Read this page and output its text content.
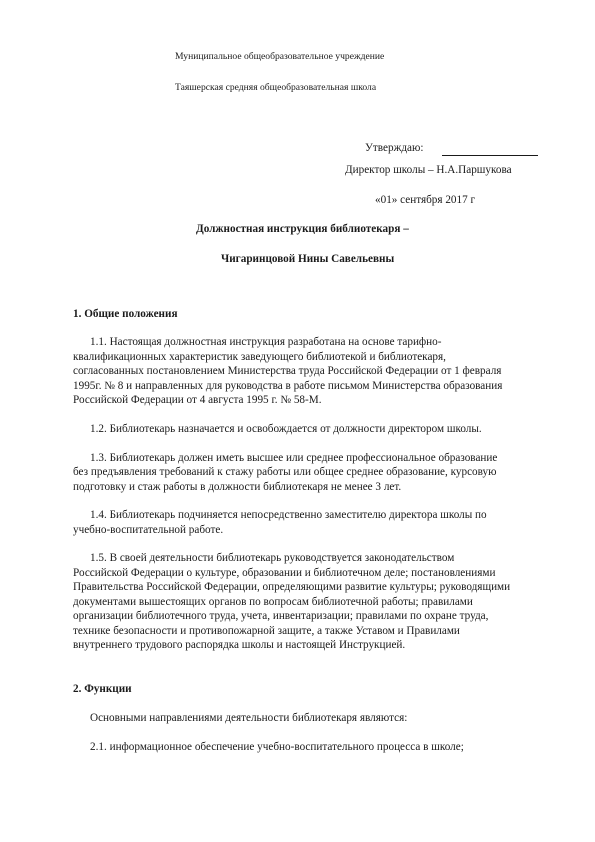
Муниципальное общеобразовательное учреждение
Таяшерская средняя общеобразовательная школа
Утверждаю:
Директор школы – Н.А.Паршукова
«01» сентября 2017 г
Должностная инструкция библиотекаря –
Чигаринцовой Нины Савельевны
1. Общие положения
1.1. Настоящая должностная инструкция разработана на основе тарифно-
квалификационных характеристик заведующего библиотекой и библиотекаря,
согласованных постановлением Министерства труда Российской Федерации от 1 февраля
1995г. № 8 и направленных для руководства в работе письмом Министерства образования
Российской Федерации от 4 августа 1995 г. № 58-М.
1.2. Библиотекарь назначается и освобождается от должности директором школы.
1.3. Библиотекарь должен иметь высшее или среднее профессиональное образование
без предъявления требований к стажу работы или общее среднее образование, курсовую
подготовку и стаж работы в должности библиотекаря не менее 3 лет.
1.4. Библиотекарь подчиняется непосредственно заместителю директора школы по
учебно-воспитательной работе.
1.5. В своей деятельности библиотекарь руководствуется законодательством
Российской Федерации о культуре, образовании и библиотечном деле; постановлениями
Правительства Российской Федерации, определяющими развитие культуры; руководящими
документами вышестоящих органов по вопросам библиотечной работы; правилами
организации библиотечного труда, учета, инвентаризации; правилами по охране труда,
технике безопасности и противопожарной защите, а также Уставом и Правилами
внутреннего трудового распорядка школы и настоящей Инструкцией.
2. Функции
Основными направлениями деятельности библиотекаря являются:
2.1. информационное обеспечение учебно-воспитательного процесса в школе;
